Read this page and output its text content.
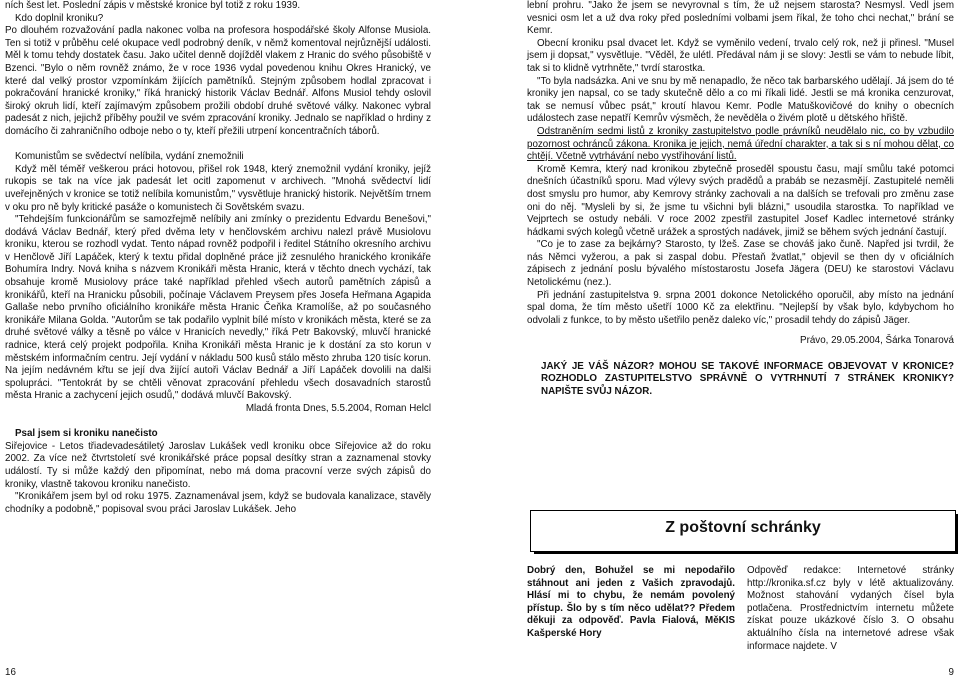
ních šest let. Poslední zápis v městské kronice byl totiž z roku 1939.

Kdo doplnil kroniku?

Po dlouhém rozvažování padla nakonec volba na profesora hospodářské školy Alfonse Musiola. Ten si totiž v průběhu celé okupace vedl podrobný deník, v němž komentoval nejrůznější události. Měl k tomu tehdy dostatek času. Jako učitel denně dojížděl vlakem z Hranic do svého působiště v Bzenci. "Bylo o něm rovněž známo, že v roce 1936 vydal povedenou knihu Okres Hranický, ve které dal velký prostor vzpomínkám žijících pamětníků. Stejným způsobem hodlal zpracovat i pokračování hranické kroniky," říká hranický historik Václav Bednář. Alfons Musiol tehdy oslovil široký okruh lidí, kteří zajímavým způsobem prožili období druhé světové války. Nakonec vybral padesát z nich, jejichž příběhy použil ve svém zpracování kroniky. Jednalo se například o hrdiny z domácího či zahraničního odboje nebo o ty, kteří přežili utrpení koncentračních táborů.

Komunistům se svědectví nelíbila, vydání znemožnili

Když měl téměř veškerou práci hotovou, přišel rok 1948, který znemožnil vydání kroniky, jejíž rukopis se tak na více jak padesát let ocitl zapomenut v archivech. "Mnohá svědectví lidí uveřejněných v kronice se totiž nelíbila komunistům," vysvětluje hranický historik. Největším trnem v oku pro ně byly kritické pasáže o komunistech či Sovětském svazu.

"Tehdejším funkcionářům se samozřejmě nelíbily ani zmínky o prezidentu Edvardu Benešovi," dodává Václav Bednář, který před dvěma lety v henčlovském archivu nalezl právě Musiolovu kroniku, kterou se rozhodl vydat. Tento nápad rovněž podpořil i ředitel Státního okresního archivu v Henčlově Jiří Lapáček, který k textu přidal doplněné práce již zesnulého hranického kronikáře Bohumíra Indry. Nová kniha s názvem Kronikáři města Hranic, která v těchto dnech vychází, tak obsahuje kromě Musiolovy práce také například přehled všech autorů pamětních zápisů a kronikářů, kteří na Hranicku působili, počínaje Václavem Preysem přes Josefa Heřmana Agapida Gallaše nebo prvního oficiálního kronikáře města Hranic Čeňka Kramolíše, až po současného kronikáře Milana Golda. "Autorům se tak podařilo vyplnit bílé místo v kronikách města, které se za druhé světové války a těsně po válce v Hranicích nevedly," říká Petr Bakovský, mluvčí hranické radnice, která celý projekt podpořila. Kniha Kronikáři města Hranic je k dostání za sto korun v městském informačním centru. Její vydání v nákladu 500 kusů stálo město zhruba 120 tisíc korun. Na jejím nedávném křtu se její dva žijící autoři Václav Bednář a Jiří Lapáček dovolili na dalši spolupráci. "Tentokrát by se chtěli věnovat zpracování přehledu všech dosavadních starostů města Hranic a zachycení jejich osudů," dodává mluvčí Bakovský.

Mladá fronta Dnes, 5.5.2004, Roman Helcl

Psal jsem si kroniku nanečisto

Siřejovice - Letos třiadevadesátiletý Jaroslav Lukášek vedl kroniku obce Siřejovice až do roku 2002. Za více než čtvrtstoletí své kronikářské práce popsal desítky stran a zaznamenal stovky událostí. Ty si může každý den připomínat, nebo má doma pracovní verze svých zápisů do kroniky, vlastně takovou kroniku nanečisto.

"Kronikářem jsem byl od roku 1975. Zaznamenával jsem, když se budovala kanalizace, stavěly chodníky a podobně," popisoval svou práci Jaroslav Lukášek. Jeho

lební prohru. "Jako že jsem se nevyrovnal s tím, že už nejsem starosta? Nesmysl. Vedl jsem vesnici osm let a už dva roky před posledními volbami jsem říkal, že toho chci nechat," brání se Kemr.

Obecní kroniku psal dvacet let. Když se vyměnilo vedení, trvalo celý rok, než ji přinesl. "Musel jsem ji dopsat," vysvětluje. "Věděl, že ulétl. Předával nám ji se slovy: Jestli se vám to nebude líbit, tak si to klidně vytrhněte," tvrdí starostka.

"To byla nadsázka. Ani ve snu by mě nenapadlo, že něco tak barbarského udělají. Já jsem do té kroniky jen napsal, co se tady skutečně dělo a co mi říkali lidé. Jestli se má kronika cenzurovat, tak se nemusí vůbec psát," kroutí hlavou Kemr. Podle Matuškovičové do knihy o obecních událostech zase nepatří Kemrův výsměch, že nevěděla o živém plotě u dětského hřiště.

Odstraněním sedmi listů z kroniky zastupitelstvo podle právníků neudělalo nic, co by vzbudilo pozornost ochránců zákona. Kronika je jejich, nemá úřední charakter, a tak si s ní mohou dělat, co chtějí. Včetně vytrhávání nebo vystřihování listů.

Kromě Kemra, který nad kronikou zbytečně proseděl spoustu času, mají smůlu také potomci dnešních účastníků sporu. Mad výlevy svých pradědů a prabáb se nezasmějí. Zastupitelé neměli dost smyslu pro humor, aby Kemrovy stránky zachovali a na dalších se trefovali pro změnu zase oni do něj. "Mysleli by si, že jsme tu všichni byli blázni," usoudila starostka. To například ve Vejprtech se ostudy nebáli. V roce 2002 zpestřil zastupitel Josef Kadlec internetové stránky hádkami svých kolegů včetně urážek a sprostých nadávek, jimiž se během svých jednání častují.

"Co je to zase za bejkárny? Starosto, ty lžeš. Zase se chováš jako čuně. Napřed jsi tvrdil, že nás Němci vyžerou, a pak si zaspal dobu. Přestaň žvatlat," objevil se then dy v oficiálních zápisech z jednání poslu bývalého místostarostu Josefa Jägera (DEU) ke starostovi Václavu Netolickému (nez.).

Při jednání zastupitelstva 9. srpna 2001 dokonce Netolického oporučil, aby místo na jednání spal doma, že tím město ušetří 1000 Kč za elektřinu. "Nejlepší by však bylo, kdybychom ho odvolali z funkce, to by město ušetřilo peněz daleko víc," prosadil tehdy do zápisů Jäger.

Právo, 29.05.2004, Šárka Tonarová

JAKÝ JE VÁŠ NÁZOR? MOHOU SE TAKOVÉ INFORMACE OBJEVOVAT V KRONICE? ROZHODLO ZASTUPITELSTVO SPRÁVNĚ O VYTRHNUTÍ 7 STRÁNEK KRONIKY? NAPIŠTE SVŮJ NÁZOR.

Z poštovní schránky
Dobrý den, Bohužel se mi nepodařilo stáhnout ani jeden z Vašich zpravodajů. Hlásí mi to chybu, že nemám povolený přístup. Šlo by s tím něco udělat?? Předem děkuji za odpověď. Pavla Fialová, MěKIS Kašperské Hory
Odpověď redakce: Internetové stránky http://kronika.sf.cz byly v létě aktualizovány. Možnost stahování vydaných čísel byla potlačena. Prostřednictvím internetu můžete získat pouze ukázkové číslo 3. O obsahu aktuálního čísla na internetové adrese však informace najdete. V
16	9
